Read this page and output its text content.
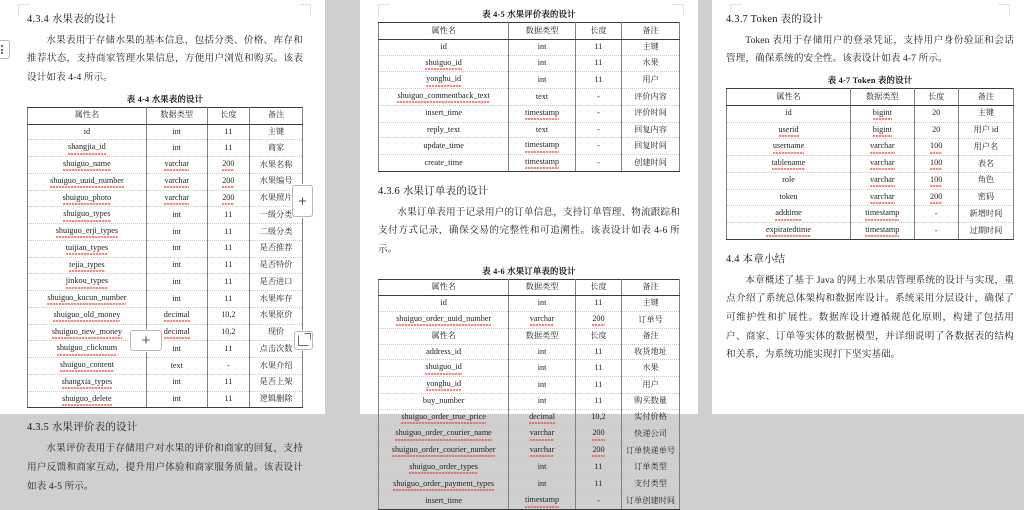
4.3.4 水果表的设计

水果表用于存储水果的基本信息，包括分类、价格、库存和推荐状态，支持商家管理水果信息，方便用户浏览和购买。该表设计如表 4-4 所示。

表 4-4 水果表的设计
属性名	数据类型	长度	备注
id	int	11	主键
shangjia_id	int	11	商家
shuiguo_name	varchar	200	水果名称
shuiguo_uuid_number	varchar	200	水果编号
shuiguo_photo	varchar	200	水果照片
shuiguo_types	int	11	一级分类
shuiguo_erji_types	int	11	二级分类
tuijian_types	int	11	是否推荐
tejia_types	int	11	是否特价
jinkou_types	int	11	是否进口
shuiguo_kucun_number	int	11	水果库存
shuiguo_old_money	decimal	10,2	水果原价
shuiguo_new_money	decimal	10,2	现价
shuiguo_clicknum	int	11	点击次数
shuiguo_content	text	-	水果介绍
shangxia_types	int	11	是否上架
shuiguo_delete	int	11	逻辑删除
4.3.5 水果评价表的设计

水果评价表用于存储用户对水果的评价和商家的回复，支持用户反馈和商家互动，提升用户体验和商家服务质量。该表设计如表 4-5 所示。

+
+
表 4-5 水果评价表的设计
属性名	数据类型	长度	备注
id	int	11	主键
shuiguo_id	int	11	水果
yonghu_id	int	11	用户
shuiguo_commentback_text	text	-	评价内容
insert_time	timestamp	-	评价时间
reply_text	text	-	回复内容
update_time	timestamp	-	回复时间
create_time	timestamp	-	创建时间
4.3.6 水果订单表的设计

水果订单表用于记录用户的订单信息，支持订单管理、物流跟踪和支付方式记录，确保交易的完整性和可追溯性。该表设计如表 4-6 所示。

表 4-6 水果订单表的设计
属性名	数据类型	长度	备注
id	int	11	主键
shuiguo_order_uuid_number	varchar	200	订单号
属性名	数据类型	长度	备注
address_id	int	11	收货地址
shuiguo_id	int	11	水果
yonghu_id	int	11	用户
buy_number	int	11	购买数量
shuiguo_order_true_price	decimal	10,2	实付价格
shuiguo_order_courier_name	varchar	200	快递公司
shuiguo_order_courier_number	varchar	200	订单快递单号
shuiguo_order_types	int	11	订单类型
shuiguo_order_payment_types	int	11	支付类型
insert_time	timestamp	-	订单创建时间
4.3.7 Token 表的设计

Token 表用于存储用户的登录凭证，支持用户身份验证和会话管理，确保系统的安全性。该表设计如表 4-7 所示。

表 4-7 Token 表的设计
属性名	数据类型	长度	备注
id	bigint	20	主键
userid	bigint	20	用户 id
username	varchar	100	用户名
tablename	varchar	100	表名
role	varchar	100	角色
token	varchar	200	密码
addtime	timestamp	-	新增时间
expiratedtime	timestamp	-	过期时间
4.4 本章小结

本章概述了基于 Java 的网上水果店管理系统的设计与实现，重点介绍了系统总体架构和数据库设计。系统采用分层设计，确保了可维护性和扩展性。数据库设计遵循规范化原则，构建了包括用户、商家、订单等实体的数据模型，并详细说明了各数据表的结构和关系，为系统功能实现打下坚实基础。
